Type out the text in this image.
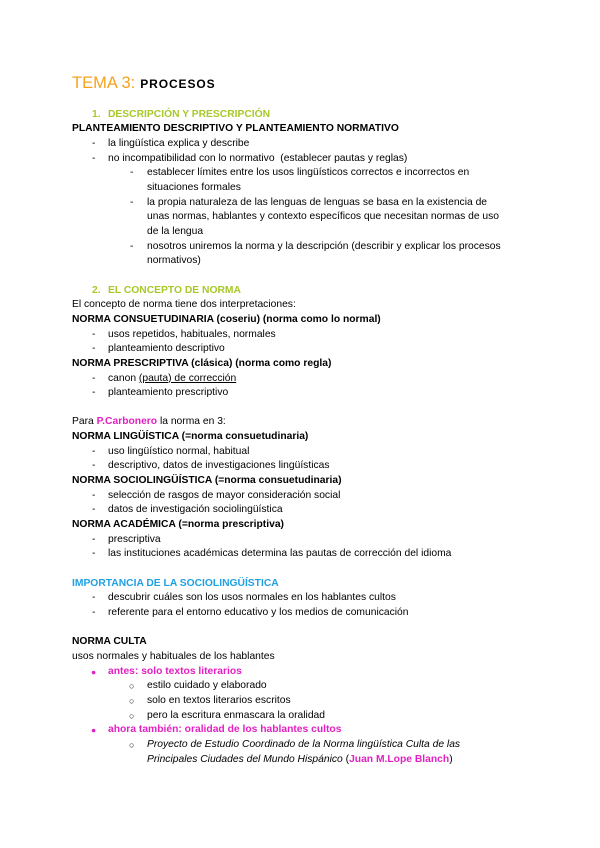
TEMA 3: PROCESOS
1. DESCRIPCIÓN Y PRESCRIPCIÓN
PLANTEAMIENTO DESCRIPTIVO Y PLANTEAMIENTO NORMATIVO
- la lingüística explica y describe
- no incompatibilidad con lo normativo  (establecer pautas y reglas)
- establecer límites entre los usos lingüísticos correctos e incorrectos en
situaciones formales
- la propia naturaleza de las lenguas de lenguas se basa en la existencia de
unas normas, hablantes y contexto específicos que necesitan normas de uso
de la lengua
- nosotros uniremos la norma y la descripción (describir y explicar los procesos
normativos)
2. EL CONCEPTO DE NORMA
El concepto de norma tiene dos interpretaciones:
NORMA CONSUETUDINARIA (coseriu) (norma como lo normal)
- usos repetidos, habituales, normales
- planteamiento descriptivo
NORMA PRESCRIPTIVA (clásica) (norma como regla)
- canon (pauta) de corrección
- planteamiento prescriptivo
Para P.Carbonero la norma en 3:
NORMA LINGÜÍSTICA (=norma consuetudinaria)
- uso lingüístico normal, habitual
- descriptivo, datos de investigaciones lingüísticas
NORMA SOCIOLINGÜÍSTICA (=norma consuetudinaria)
- selección de rasgos de mayor consideración social
- datos de investigación sociolingüística
NORMA ACADÉMICA (=norma prescriptiva)
- prescriptiva
- las instituciones académicas determina las pautas de corrección del idioma
IMPORTANCIA DE LA SOCIOLINGÜÍSTICA
- descubrir cuáles son los usos normales en los hablantes cultos
- referente para el entorno educativo y los medios de comunicación
NORMA CULTA
usos normales y habituales de los hablantes
● antes: solo textos literarios
○ estilo cuidado y elaborado
○ solo en textos literarios escritos
○ pero la escritura enmascara la oralidad
● ahora también: oralidad de los hablantes cultos
○ Proyecto de Estudio Coordinado de la Norma lingüística Culta de las
Principales Ciudades del Mundo Hispánico (Juan M.Lope Blanch)
